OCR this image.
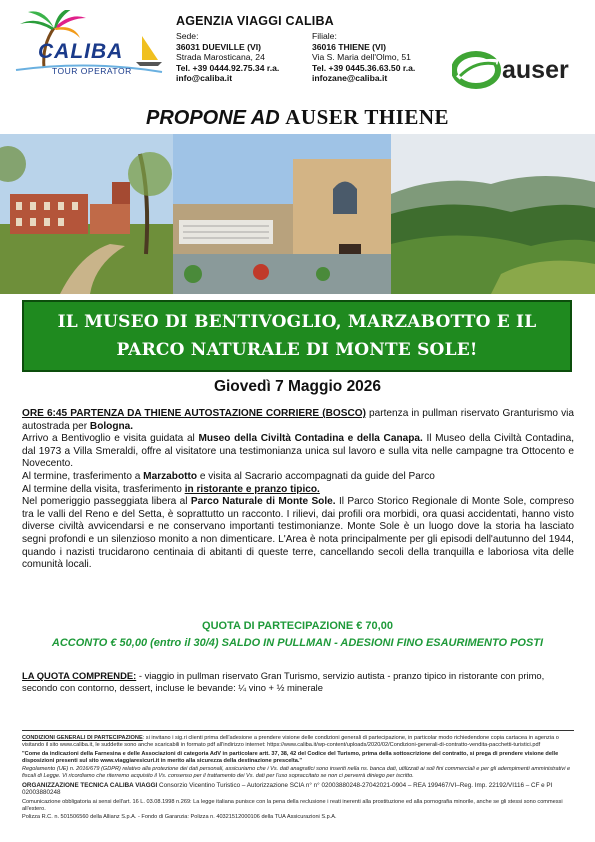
CALIBA
TOUR OPERATOR
AGENZIA VIAGGI CALIBA
Sede:
36031 DUEVILLE (VI)
Strada Marosticana, 24
Tel. +39 0444.92.75.34 r.a.
info@caliba.it
Filiale:
36016 THIENE (VI)
Via S. Maria dell'Olmo, 51
Tel. +39 0445.36.63.50 r.a.
infozane@caliba.it	auser
PROPONE AD AUSER THIENE
IL MUSEO DI BENTIVOGLIO, MARZABOTTO E IL
PARCO NATURALE DI MONTE SOLE!
Giovedì 7 Maggio 2026

ORE 6:45 PARTENZA DA THIENE AUTOSTAZIONE CORRIERE (BOSCO) partenza in pullman riservato Granturismo via autostrada per Bologna.

Arrivo a Bentivoglio e visita guidata al Museo della Civiltà Contadina e della Canapa. Il Museo della Civiltà Contadina, dal 1973 a Villa Smeraldi, offre al visitatore una testimonianza unica sul lavoro e sulla vita nelle campagne tra Ottocento e Novecento.

Al termine, trasferimento a Marzabotto e visita al Sacrario accompagnati da guide del Parco

Al termine della visita, trasferimento in ristorante e pranzo tipico.

Nel pomeriggio passeggiata libera al Parco Naturale di Monte Sole. Il Parco Storico Regionale di Monte Sole, compreso tra le valli del Reno e del Setta, è soprattutto un racconto. I rilievi, dai profili ora morbidi, ora quasi accidentati, hanno visto diverse civiltà avvicendarsi e ne conservano importanti testimonianze. Monte Sole è un luogo dove la storia ha lasciato segni profondi e un silenzioso monito a non dimenticare. L'Area è nota principalmente per gli episodi dell'autunno del 1944, quando i nazisti trucidarono centinaia di abitanti di queste terre, cancellando secoli della tranquilla e laboriosa vita delle comunità locali.

QUOTA DI PARTECIPAZIONE € 70,00
ACCONTO € 50,00 (entro il 30/4) SALDO IN PULLMAN - ADESIONI FINO ESAURIMENTO POSTI
LA QUOTA COMPRENDE: - viaggio in pullman riservato Gran Turismo, servizio autista - pranzo tipico in ristorante con primo, secondo con contorno, dessert, incluse le bevande: ¼ vino + ½ minerale

CONDIZIONI GENERALI DI PARTECIPAZIONE: si invitano i sig.ri clienti prima dell'adesione a prendere visione delle condizioni generali di partecipazione, in particolar modo richiedendone copia cartacea in agenzia o visitando il sito www.caliba.it, le suddette sono anche scaricabili in formato pdf all'indirizzo internet: https://www.caliba.it/wp-content/uploads/2020/02/Condizioni-generali-di-contratto-vendita-pacchetti-turistici.pdf

"Come da indicazioni della Farnesina e delle Associazioni di categoria AdV in particolare artt. 37, 38, 42 del Codice del Turismo, prima della sottoscrizione del contratto, si prega di prendere visione delle disposizioni presenti sul sito www.viaggiaresicuri.it in merito alla sicurezza della destinazione prescelta."

Regolamento (UE) n. 2016/679 (GDPR) relativo alla protezione dei dati personali, assicuriamo che i Vs. dati anagrafici sono inseriti nella ns. banca dati, utilizzati ai soli fini commerciali e per gli adempimenti amministrativi e fiscali di Legge. Vi ricordiamo che riterremo acquisito il Vs. consenso per il trattamento dei Vs. dati per l'uso sopraccitato se non ci perverrà diniego per iscritto.

ORGANIZZAZIONE TECNICA CALIBA VIAGGI Consorzio Vicentino Turistico – Autorizzazione SCIA n° n° 02003880248-27042021-0904 – REA 199467/VI–Reg. Imp. 22192/VI116 – CF e PI 02003880248

Comunicazione obbligatoria ai sensi dell'art. 16 L. 03.08.1998 n.269: La legge italiana punisce con la pena della reclusione i reati inerenti alla prostituzione ed alla pornografia minorile, anche se gli stessi sono commessi all'estero.

Polizza R.C. n. 501506560 della Allianz S.p.A. - Fondo di Garanzia: Polizza n. 40321512000106 della TUA Assicurazioni S.p.A.
